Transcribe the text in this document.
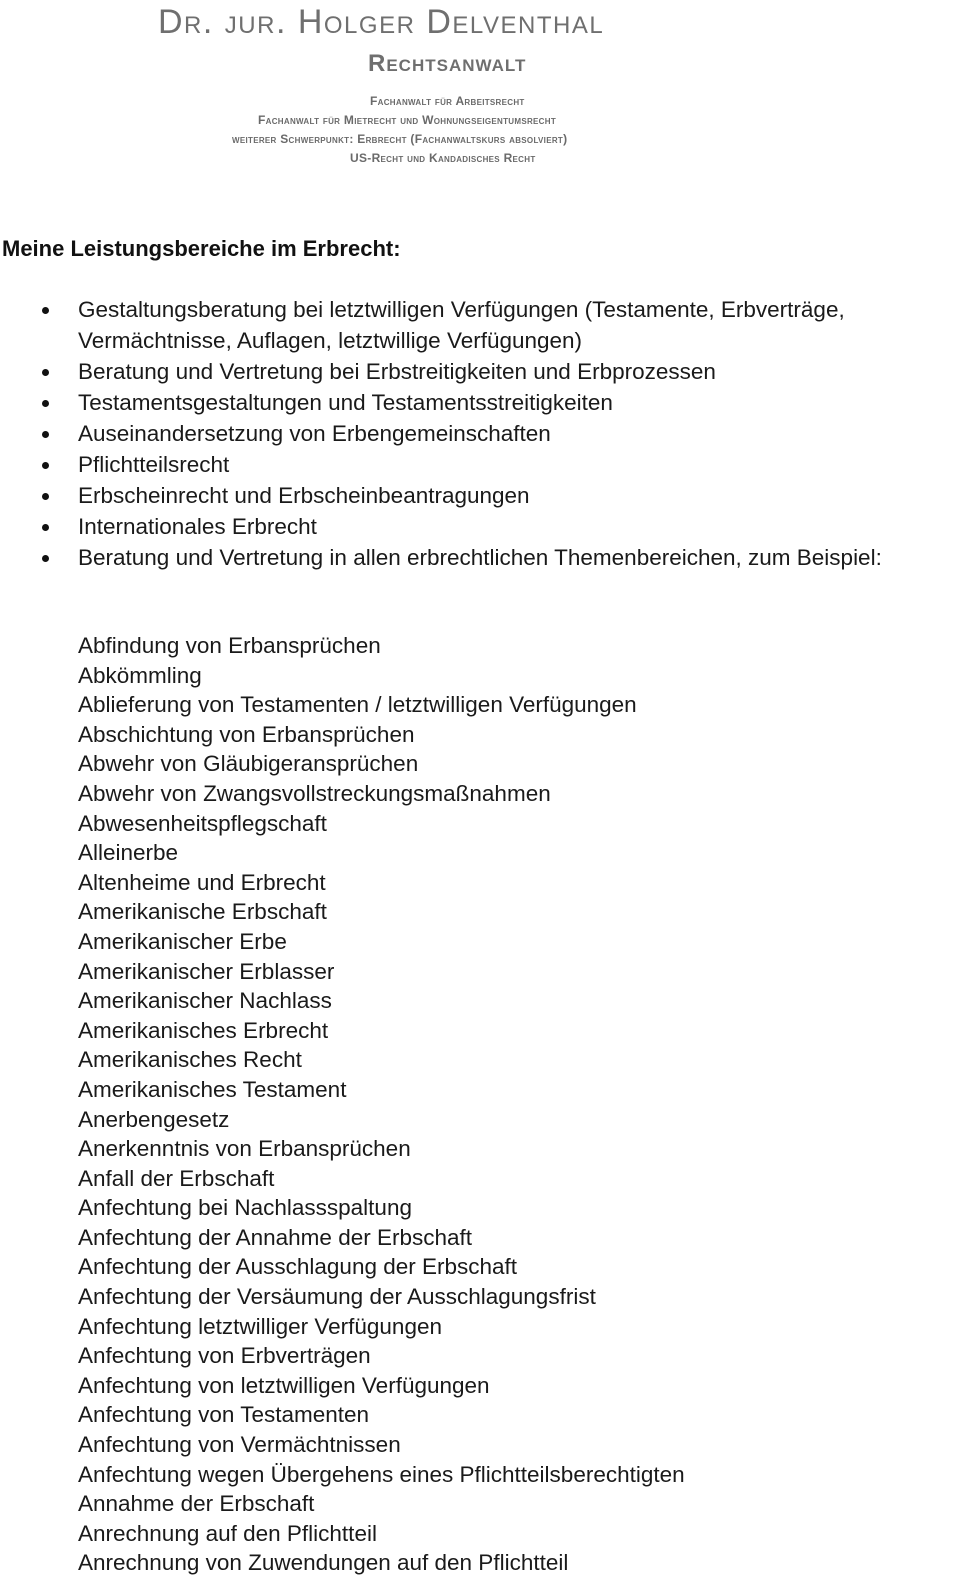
Dr. jur. Holger Delventhal
Rechtsanwalt
Fachanwalt für Arbeitsrecht
Fachanwalt für Mietrecht und Wohnungseigentumsrecht
weiterer Schwerpunkt: Erbrecht (Fachanwaltskurs absolviert)
US-Recht und Kandadisches Recht
Meine Leistungsbereiche im Erbrecht:
Gestaltungsberatung bei letztwilligen Verfügungen (Testamente, Erbverträge, Vermächtnisse, Auflagen, letztwillige Verfügungen)
Beratung und Vertretung bei Erbstreitigkeiten und Erbprozessen
Testamentsgestaltungen und Testamentsstreitigkeiten
Auseinandersetzung von Erbengemeinschaften
Pflichtteilsrecht
Erbscheinrecht und Erbscheinbeantragungen
Internationales Erbrecht
Beratung und Vertretung in allen erbrechtlichen Themenbereichen, zum Beispiel:
Abfindung von Erbansprüchen
Abkömmling
Ablieferung von Testamenten / letztwilligen Verfügungen
Abschichtung von Erbansprüchen
Abwehr von Gläubigeransprüchen
Abwehr von Zwangsvollstreckungsmaßnahmen
Abwesenheitspflegschaft
Alleinerbe
Altenheime und Erbrecht
Amerikanische Erbschaft
Amerikanischer Erbe
Amerikanischer Erblasser
Amerikanischer Nachlass
Amerikanisches Erbrecht
Amerikanisches Recht
Amerikanisches Testament
Anerbengesetz
Anerkenntnis von Erbansprüchen
Anfall der Erbschaft
Anfechtung bei Nachlassspaltung
Anfechtung der Annahme der Erbschaft
Anfechtung der Ausschlagung der Erbschaft
Anfechtung der Versäumung der Ausschlagungsfrist
Anfechtung letztwilliger Verfügungen
Anfechtung von Erbverträgen
Anfechtung von letztwilligen Verfügungen
Anfechtung von Testamenten
Anfechtung von Vermächtnissen
Anfechtung wegen Übergehens eines Pflichtteilsberechtigten
Annahme der Erbschaft
Anrechnung auf den Pflichtteil
Anrechnung von Zuwendungen auf den Pflichtteil
